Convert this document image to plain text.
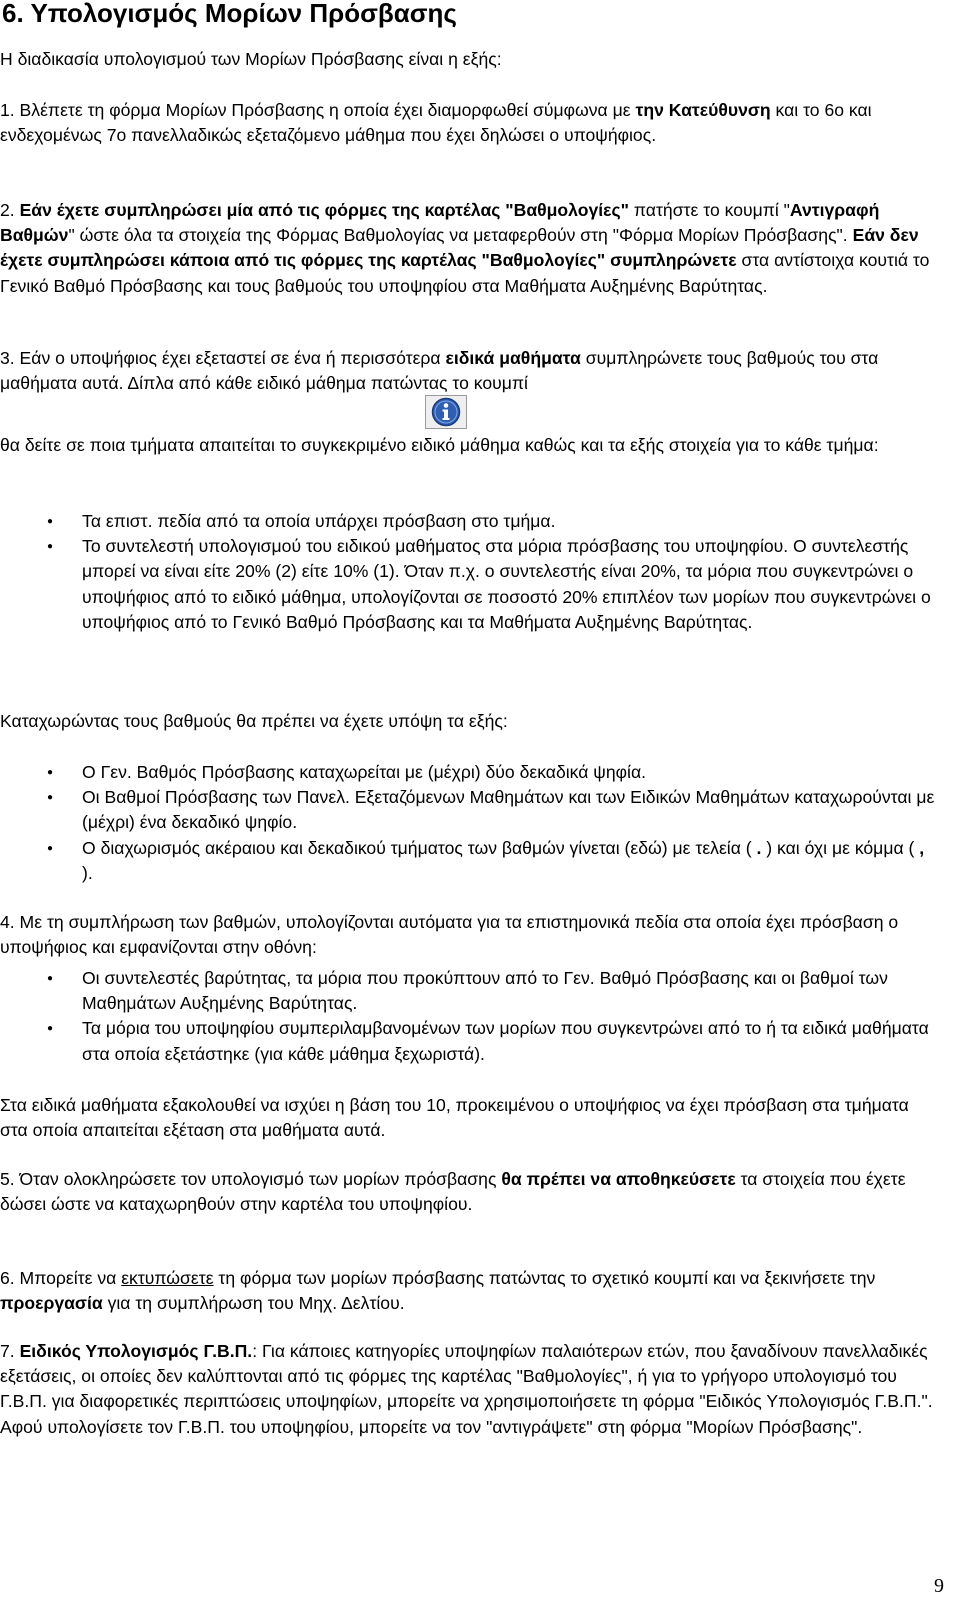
6. Υπολογισμός Μορίων Πρόσβασης

Η διαδικασία υπολογισμού των Μορίων Πρόσβασης είναι η εξής:

1. Βλέπετε τη φόρμα Μορίων Πρόσβασης η οποία έχει διαμορφωθεί σύμφωνα με την Κατεύθυνση και το 6ο και ενδεχομένως 7ο πανελλαδικώς εξεταζόμενο μάθημα που έχει δηλώσει ο υποψήφιος.

2. Εάν έχετε συμπληρώσει μία από τις φόρμες της καρτέλας "Βαθμολογίες" πατήστε το κουμπί "Αντιγραφή Βαθμών" ώστε όλα τα στοιχεία της Φόρμας Βαθμολογίας να μεταφερθούν στη "Φόρμα Μορίων Πρόσβασης". Εάν δεν έχετε συμπληρώσει κάποια από τις φόρμες της καρτέλας "Βαθμολογίες" συμπληρώνετε στα αντίστοιχα κουτιά το Γενικό Βαθμό Πρόσβασης και τους βαθμούς του υποψηφίου στα Μαθήματα Αυξημένης Βαρύτητας.

3. Εάν ο υποψήφιος έχει εξεταστεί σε ένα ή περισσότερα ειδικά μαθήματα συμπληρώνετε τους βαθμούς του στα μαθήματα αυτά. Δίπλα από κάθε ειδικό μάθημα πατώντας το κουμπί

θα δείτε σε ποια τμήματα απαιτείται το συγκεκριμένο ειδικό μάθημα καθώς και τα εξής στοιχεία για το κάθε τμήμα:

● Τα επιστ. πεδία από τα οποία υπάρχει πρόσβαση στο τμήμα.
● Το συντελεστή υπολογισμού του ειδικού μαθήματος στα μόρια πρόσβασης του υποψηφίου. Ο συντελεστής μπορεί να είναι είτε 20% (2) είτε 10% (1). Όταν π.χ. ο συντελεστής είναι 20%, τα μόρια που συγκεντρώνει ο υποψήφιος από το ειδικό μάθημα, υπολογίζονται σε ποσοστό 20% επιπλέον των μορίων που συγκεντρώνει ο υποψήφιος από το Γενικό Βαθμό Πρόσβασης και τα Μαθήματα Αυξημένης Βαρύτητας.

Καταχωρώντας τους βαθμούς θα πρέπει να έχετε υπόψη τα εξής:

● Ο Γεν. Βαθμός Πρόσβασης καταχωρείται με (μέχρι) δύο δεκαδικά ψηφία.
● Οι Βαθμοί Πρόσβασης των Πανελ. Εξεταζόμενων Μαθημάτων και των Ειδικών Μαθημάτων καταχωρούνται με (μέχρι) ένα δεκαδικό ψηφίο.
● Ο διαχωρισμός ακέραιου και δεκαδικού τμήματος των βαθμών γίνεται (εδώ) με τελεία ( . ) και όχι με κόμμα ( , ).

4. Με τη συμπλήρωση των βαθμών, υπολογίζονται αυτόματα για τα επιστημονικά πεδία στα οποία έχει πρόσβαση ο υποψήφιος και εμφανίζονται στην οθόνη:

● Οι συντελεστές βαρύτητας, τα μόρια που προκύπτουν από το Γεν. Βαθμό Πρόσβασης και οι βαθμοί των Μαθημάτων Αυξημένης Βαρύτητας.
● Τα μόρια του υποψηφίου συμπεριλαμβανομένων των μορίων που συγκεντρώνει από το ή τα ειδικά μαθήματα στα οποία εξετάστηκε (για κάθε μάθημα ξεχωριστά).

Στα ειδικά μαθήματα εξακολουθεί να ισχύει η βάση του 10, προκειμένου ο υποψήφιος να έχει πρόσβαση στα τμήματα στα οποία απαιτείται εξέταση στα μαθήματα αυτά.

5. Όταν ολοκληρώσετε τον υπολογισμό των μορίων πρόσβασης θα πρέπει να αποθηκεύσετε τα στοιχεία που έχετε δώσει ώστε να καταχωρηθούν στην καρτέλα του υποψηφίου.

6. Μπορείτε να εκτυπώσετε τη φόρμα των μορίων πρόσβασης πατώντας το σχετικό κουμπί και να ξεκινήσετε την προεργασία για τη συμπλήρωση του Μηχ. Δελτίου.

7. Ειδικός Υπολογισμός Γ.Β.Π.: Για κάποιες κατηγορίες υποψηφίων παλαιότερων ετών, που ξαναδίνουν πανελλαδικές εξετάσεις, οι οποίες δεν καλύπτονται από τις φόρμες της καρτέλας "Βαθμολογίες", ή για το γρήγορο υπολογισμό του Γ.Β.Π. για διαφορετικές περιπτώσεις υποψηφίων, μπορείτε να χρησιμοποιήσετε τη φόρμα "Ειδικός Υπολογισμός Γ.Β.Π.". Αφού υπολογίσετε τον Γ.Β.Π. του υποψηφίου, μπορείτε να τον "αντιγράψετε" στη φόρμα "Μορίων Πρόσβασης".

9
